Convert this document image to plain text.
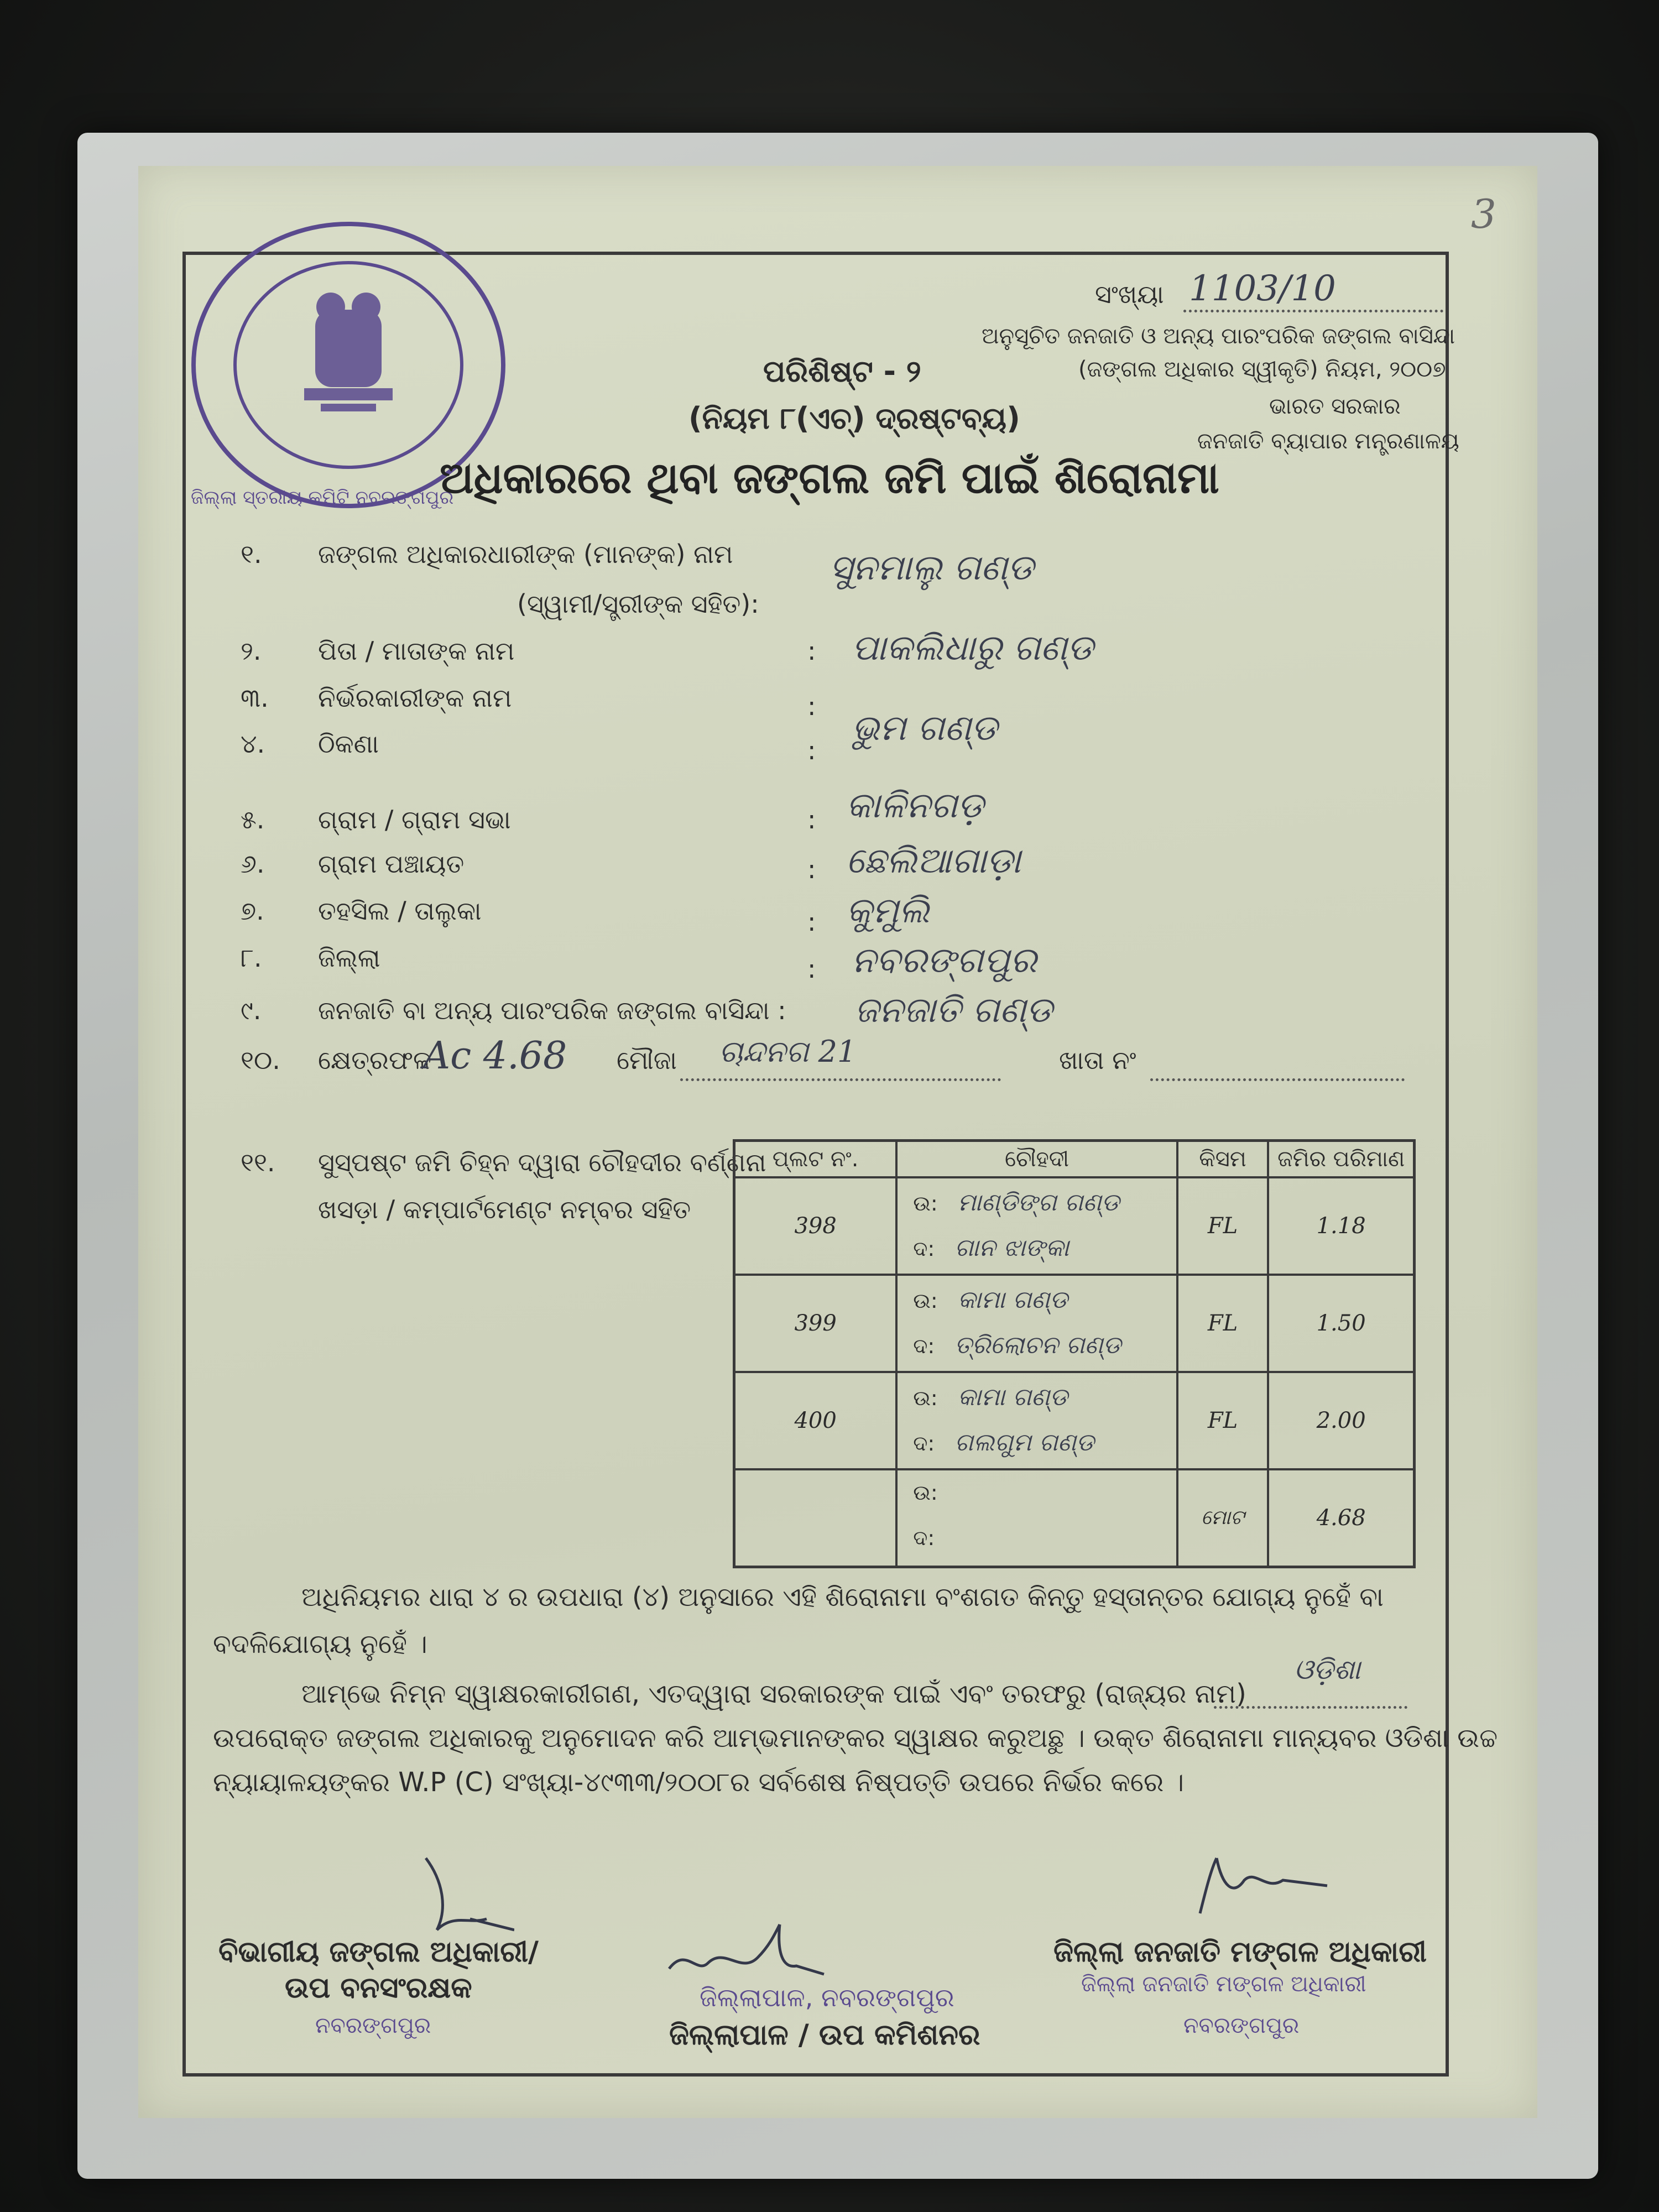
3
ଜିଲ୍ଲା ସ୍ତରୀୟ କମିଟି ନବରଙ୍ଗପୁର
ସଂଖ୍ୟା 1103/10
ଅନୁସୂଚିତ ଜନଜାତି ଓ ଅନ୍ୟ ପାରଂପରିକ ଜଙ୍ଗଲ ବାସିନ୍ଦା
(ଜଙ୍ଗଲ ଅଧିକାର ସ୍ୱୀକୃତି) ନିୟମ, ୨୦୦୭
ଭାରତ ସରକାର
ଜନଜାତି ବ୍ୟାପାର ମନ୍ତ୍ରଣାଳୟ
ପରିଶିଷ୍ଟ - ୨
(ନିୟମ ୮(ଏଚ୍) ଦ୍ରଷ୍ଟବ୍ୟ)
ଅଧିକାରରେ ଥିବା ଜଙ୍ଗଲ ଜମି ପାଇଁ ଶିରୋନାମା
୧. ଜଙ୍ଗଲ ଅଧିକାରଧାରୀଙ୍କ (ମାନଙ୍କ) ନାମ
(ସ୍ୱାମୀ/ସ୍ତ୍ରୀଙ୍କ ସହିତ):
ସୁନମାଲୁ ଗଣ୍ଡ
୨. ପିତା / ମାତାଙ୍କ ନାମ	: ପାକଲିଧାରୁ ଗଣ୍ଡ
୩. ନିର୍ଭରକାରୀଙ୍କ ନାମ	:
୪. ଠିକଣା	:
ଭୁମ ଗଣ୍ଡ
୫. ଗ୍ରାମ / ଗ୍ରାମ ସଭା	: କାଳିନଗଡ଼
୬. ଗ୍ରାମ ପଞ୍ଚାୟତ	: ଛେଲିଆଗାଡ଼ା
୭. ତହସିଲ / ତାଲୁକା	: କୁମୁଲି
୮. ଜିଲ୍ଲା	: ନବରଙ୍ଗପୁର
୯. ଜନଜାତି ବା ଅନ୍ୟ ପାରଂପରିକ ଜଙ୍ଗଲ ବାସିନ୍ଦା : ଜନଜାତି ଗଣ୍ଡ
୧୦. କ୍ଷେତ୍ରଫଳ
Ac 4.68 ମୌଜା ଚାନ୍ଦନଗ 21	ଖାତା ନଂ
୧୧. ସୁସ୍ପଷ୍ଟ ଜମି ଚିହ୍ନ ଦ୍ୱାରା ଚୌହଦୀର ବର୍ଣ୍ଣନା
ଖସଡ଼ା / କମ୍ପାର୍ଟମେଣ୍ଟ ନମ୍ବର ସହିତ
ପ୍ଲଟ ନଂ.	ଚୌହଦୀ	କିସମ	ଜମିର ପରିମାଣ
398	ଉ: ମାଣ୍ଡିଙ୍ଗ ଗଣ୍ଡ
ଦ: ଗାନ ଝାଙ୍କା	FL	1.18
399	ଉ: କାମା ଗଣ୍ଡ
ଦ: ତ୍ରିଲୋଚନ ଗଣ୍ଡ	FL	1.50
400	ଉ: କାମା ଗଣ୍ଡ
ଦ: ଗଲଗୁମ ଗଣ୍ଡ	FL	2.00

	ଉ:
ଦ:	ମୋଟ	4.68
ଅଧିନିୟମର ଧାରା ୪ ର ଉପଧାରା (୪) ଅନୁସାରେ ଏହି ଶିରୋନାମା ବଂଶଗତ କିନ୍ତୁ ହସ୍ତାନ୍ତର ଯୋଗ୍ୟ ନୁହେଁ ବା
ବଦଳିଯୋଗ୍ୟ ନୁହେଁ ।
ଆମ୍ଭେ ନିମ୍ନ ସ୍ୱାକ୍ଷରକାରୀଗଣ, ଏତଦ୍ୱାରା ସରକାରଙ୍କ ପାଇଁ ଏବଂ ତରଫରୁ (ରାଜ୍ୟର ନାମ)
ଓଡ଼ିଶା
ଉପରୋକ୍ତ ଜଙ୍ଗଲ ଅଧିକାରକୁ ଅନୁମୋଦନ କରି ଆମ୍ଭମାନଙ୍କର ସ୍ୱାକ୍ଷର କରୁଅଛୁ । ଉକ୍ତ ଶିରୋନାମା ମାନ୍ୟବର ଓଡିଶା ଉଚ୍ଚ
ନ୍ୟାୟାଳୟଙ୍କର W.P (C) ସଂଖ୍ୟା-୪୯୩୩/୨୦୦୮ର ସର୍ବଶେଷ ନିଷ୍ପତ୍ତି ଉପରେ ନିର୍ଭର କରେ ।
ବିଭାଗୀୟ ଜଙ୍ଗଲ ଅଧିକାରୀ/
ଉପ ବନସଂରକ୍ଷକ
ନବରଙ୍ଗପୁର
ଜିଲ୍ଲାପାଳ, ନବରଙ୍ଗପୁର
ଜିଲ୍ଲାପାଳ / ଉପ କମିଶନର
ଜିଲ୍ଲା ଜନଜାତି ମଙ୍ଗଳ ଅଧିକାରୀ
ଜିଲ୍ଲା ଜନଜାତି ମଙ୍ଗଳ ଅଧିକାରୀ
ନବରଙ୍ଗପୁର
